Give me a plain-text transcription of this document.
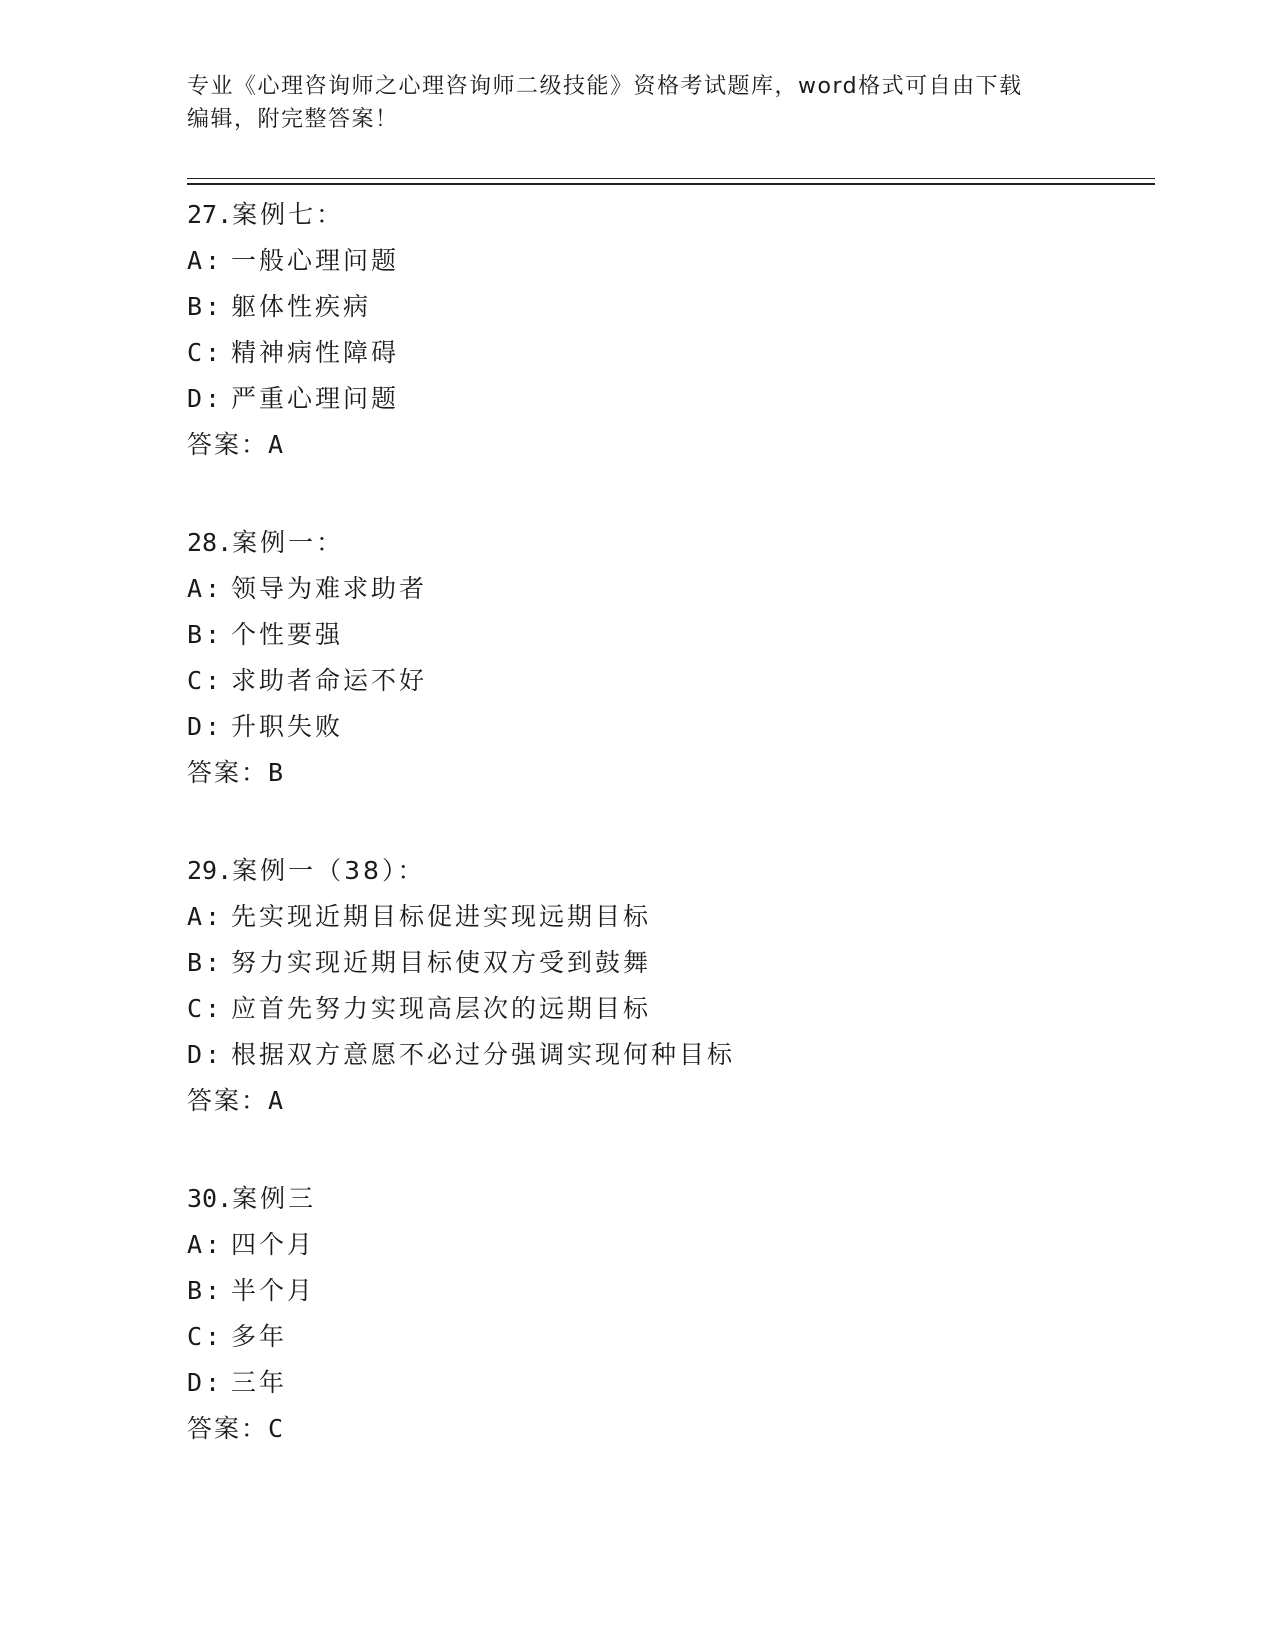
专业《心理咨询师之心理咨询师二级技能》资格考试题库，word格式可自由下载
编辑，附完整答案！
27.案例七：
A: 一般心理问题
B: 躯体性疾病
C: 精神病性障碍
D: 严重心理问题
答案：A
28.案例一：
A: 领导为难求助者
B: 个性要强
C: 求助者命运不好
D: 升职失败
答案：B
29.案例一（38）：
A: 先实现近期目标促进实现远期目标
B: 努力实现近期目标使双方受到鼓舞
C: 应首先努力实现高层次的远期目标
D: 根据双方意愿不必过分强调实现何种目标
答案：A
30.案例三
A: 四个月
B: 半个月
C: 多年
D: 三年
答案：C
